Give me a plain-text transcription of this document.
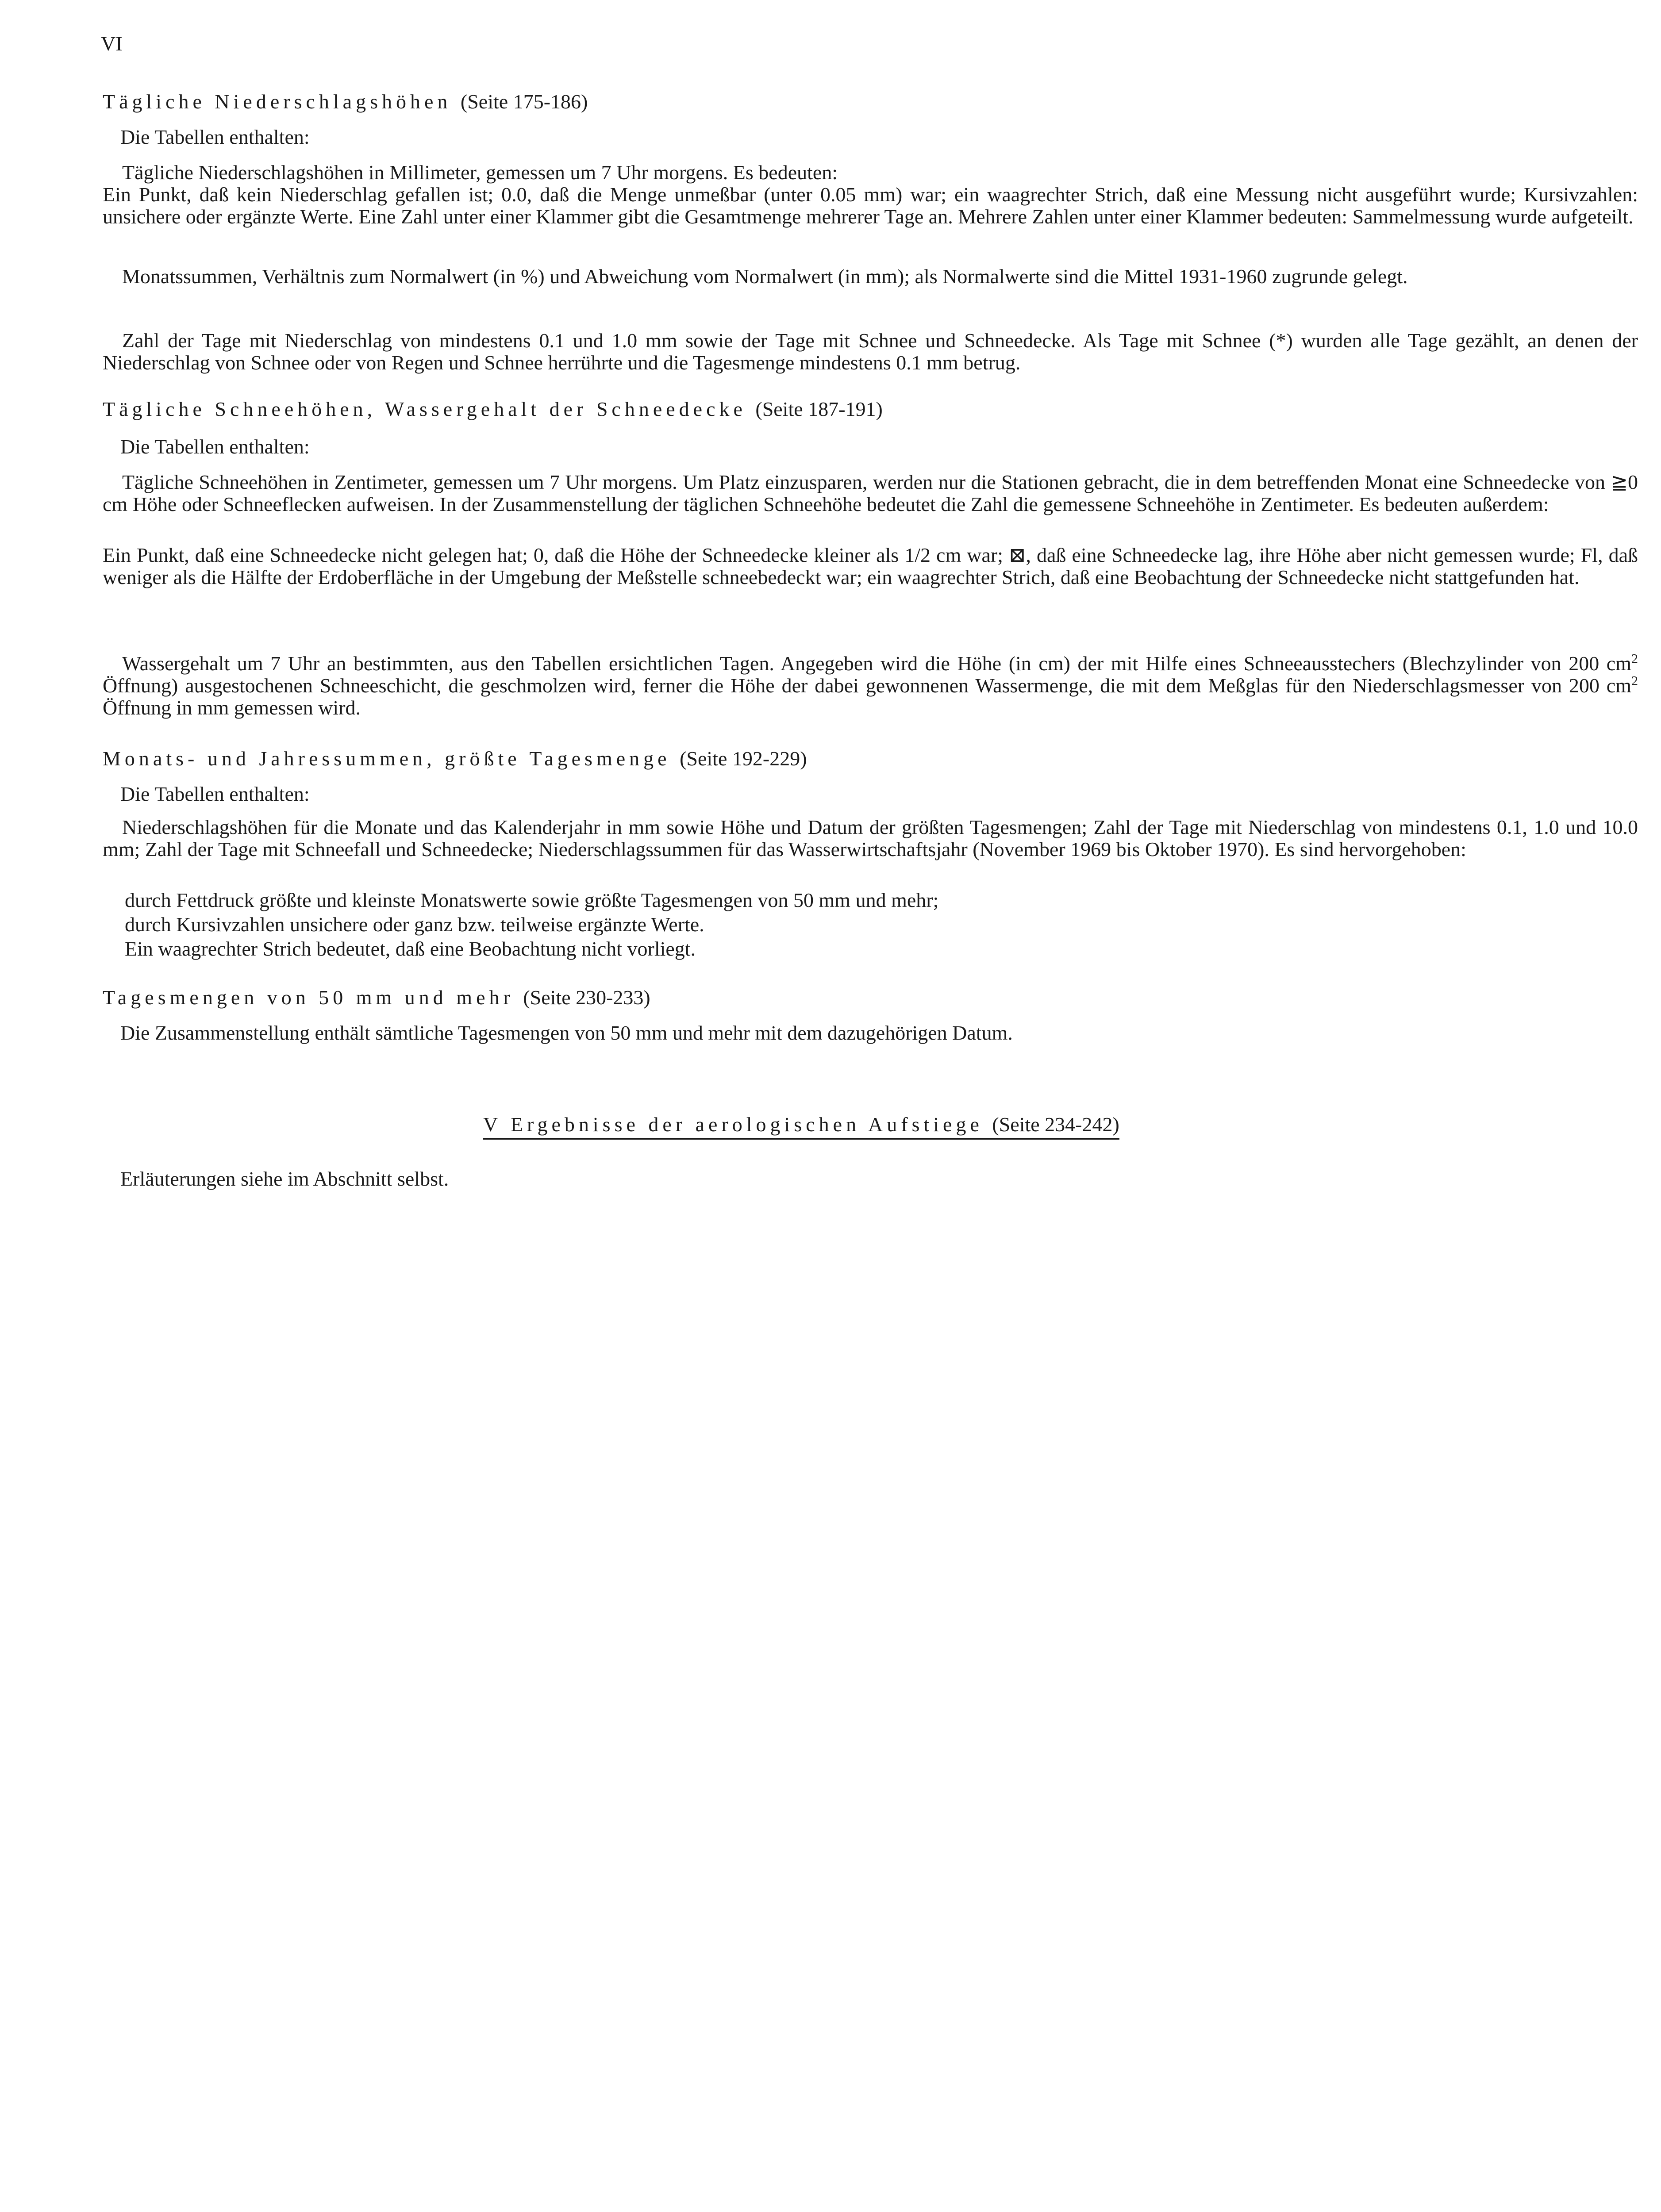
VI
Tägliche Niederschlagshöhen (Seite 175-186)
Die Tabellen enthalten:
Tägliche Niederschlagshöhen in Millimeter, gemessen um 7 Uhr morgens. Es bedeuten:
Ein Punkt, daß kein Niederschlag gefallen ist; 0.0, daß die Menge unmeßbar (unter 0.05 mm) war; ein waagrechter Strich, daß eine Messung nicht ausgeführt wurde; Kursivzahlen: unsichere oder ergänzte Werte. Eine Zahl unter einer Klammer gibt die Gesamtmenge mehrerer Tage an. Mehrere Zahlen unter einer Klammer bedeuten: Sammelmessung wurde aufgeteilt.
Monatssummen, Verhältnis zum Normalwert (in %) und Abweichung vom Normalwert (in mm); als Normalwerte sind die Mittel 1931-1960 zugrunde gelegt.
Zahl der Tage mit Niederschlag von mindestens 0.1 und 1.0 mm sowie der Tage mit Schnee und Schneedecke. Als Tage mit Schnee (*) wurden alle Tage gezählt, an denen der Niederschlag von Schnee oder von Regen und Schnee herrührte und die Tagesmenge mindestens 0.1 mm betrug.
Tägliche Schneehöhen, Wassergehalt der Schneedecke (Seite 187-191)
Die Tabellen enthalten:
Tägliche Schneehöhen in Zentimeter, gemessen um 7 Uhr morgens. Um Platz einzusparen, werden nur die Stationen gebracht, die in dem betreffenden Monat eine Schneedecke von ≧0 cm Höhe oder Schneeflecken aufweisen. In der Zusammenstellung der täglichen Schneehöhe bedeutet die Zahl die gemessene Schneehöhe in Zentimeter. Es bedeuten außerdem:
Ein Punkt, daß eine Schneedecke nicht gelegen hat; 0, daß die Höhe der Schneedecke kleiner als 1/2 cm war; ⊠, daß eine Schneedecke lag, ihre Höhe aber nicht gemessen wurde; Fl, daß weniger als die Hälfte der Erdoberfläche in der Umgebung der Meßstelle schneebedeckt war; ein waagrechter Strich, daß eine Beobachtung der Schneedecke nicht stattgefunden hat.
Wassergehalt um 7 Uhr an bestimmten, aus den Tabellen ersichtlichen Tagen. Angegeben wird die Höhe (in cm) der mit Hilfe eines Schneeausstechers (Blechzylinder von 200 $cm^2$ Öffnung) ausgestochenen Schneeschicht, die geschmolzen wird, ferner die Höhe der dabei gewonnenen Wassermenge, die mit dem Meßglas für den Niederschlagsmesser von 200 $cm^2$ Öffnung in mm gemessen wird.
Monats- und Jahressummen, größte Tagesmenge (Seite 192-229)
Die Tabellen enthalten:
Niederschlagshöhen für die Monate und das Kalenderjahr in mm sowie Höhe und Datum der größten Tagesmengen; Zahl der Tage mit Niederschlag von mindestens 0.1, 1.0 und 10.0 mm; Zahl der Tage mit Schneefall und Schneedecke; Niederschlagssummen für das Wasserwirtschaftsjahr (November 1969 bis Oktober 1970). Es sind hervorgehoben:
durch Fettdruck größte und kleinste Monatswerte sowie größte Tagesmengen von 50 mm und mehr;
durch Kursivzahlen unsichere oder ganz bzw. teilweise ergänzte Werte.
Ein waagrechter Strich bedeutet, daß eine Beobachtung nicht vorliegt.
Tagesmengen von 50 mm und mehr (Seite 230-233)
Die Zusammenstellung enthält sämtliche Tagesmengen von 50 mm und mehr mit dem dazugehörigen Datum.
V Ergebnisse der aerologischen Aufstiege (Seite 234-242)
Erläuterungen siehe im Abschnitt selbst.
